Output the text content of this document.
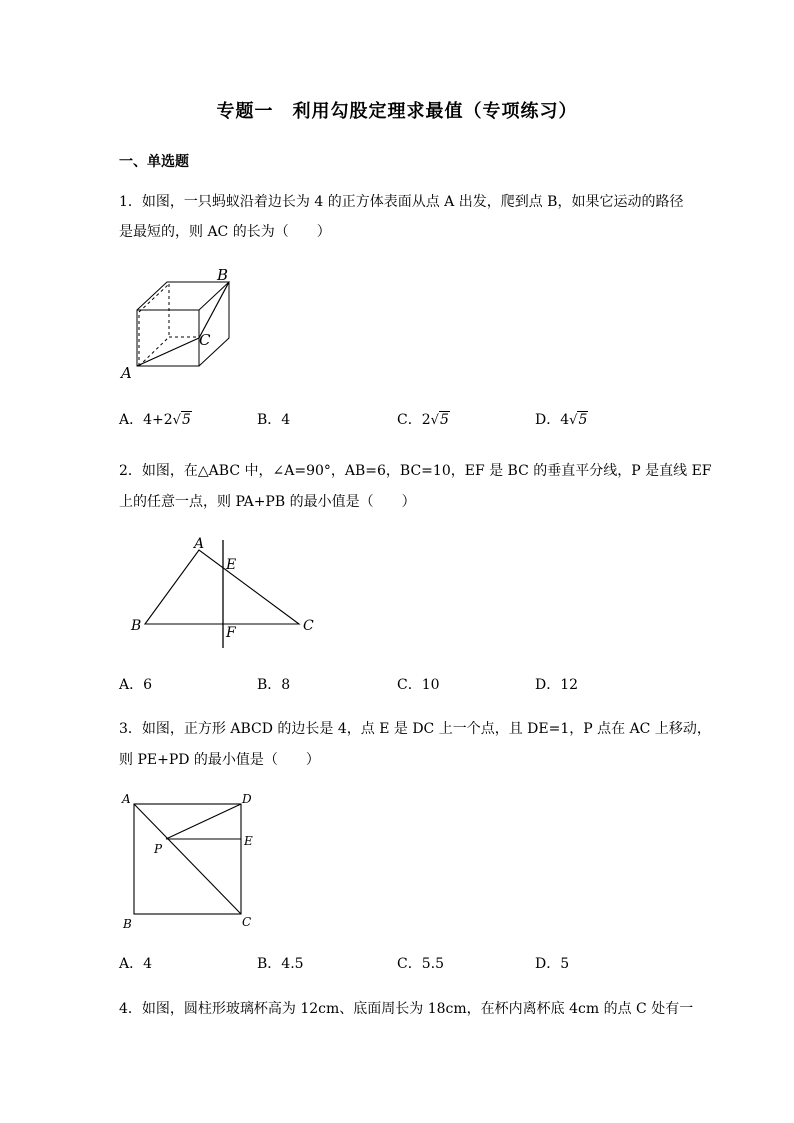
专题一　利用勾股定理求最值（专项练习）
一、单选题
1．如图，一只蚂蚁沿着边长为 4 的正方体表面从点 A 出发，爬到点 B，如果它运动的路径
是最短的，则 AC 的长为（　　）
A
B
C
A．4+2√5	B．4	C．2√5	D．4√5
2．如图，在△ABC 中，∠A=90°，AB=6，BC=10，EF 是 BC 的垂直平分线，P 是直线 EF
上的任意一点，则 PA+PB 的最小值是（　　）
A
B	C
E
F
A．6	B．8	C．10	D．12
3．如图，正方形 ABCD 的边长是 4，点 E 是 DC 上一个点，且 DE=1，P 点在 AC 上移动，
则 PE+PD 的最小值是（　　）
A	D
E
P
B	C
A．4	B．4.5	C．5.5	D．5
4．如图，圆柱形玻璃杯高为 12cm、底面周长为 18cm，在杯内离杯底 4cm 的点 C 处有一
